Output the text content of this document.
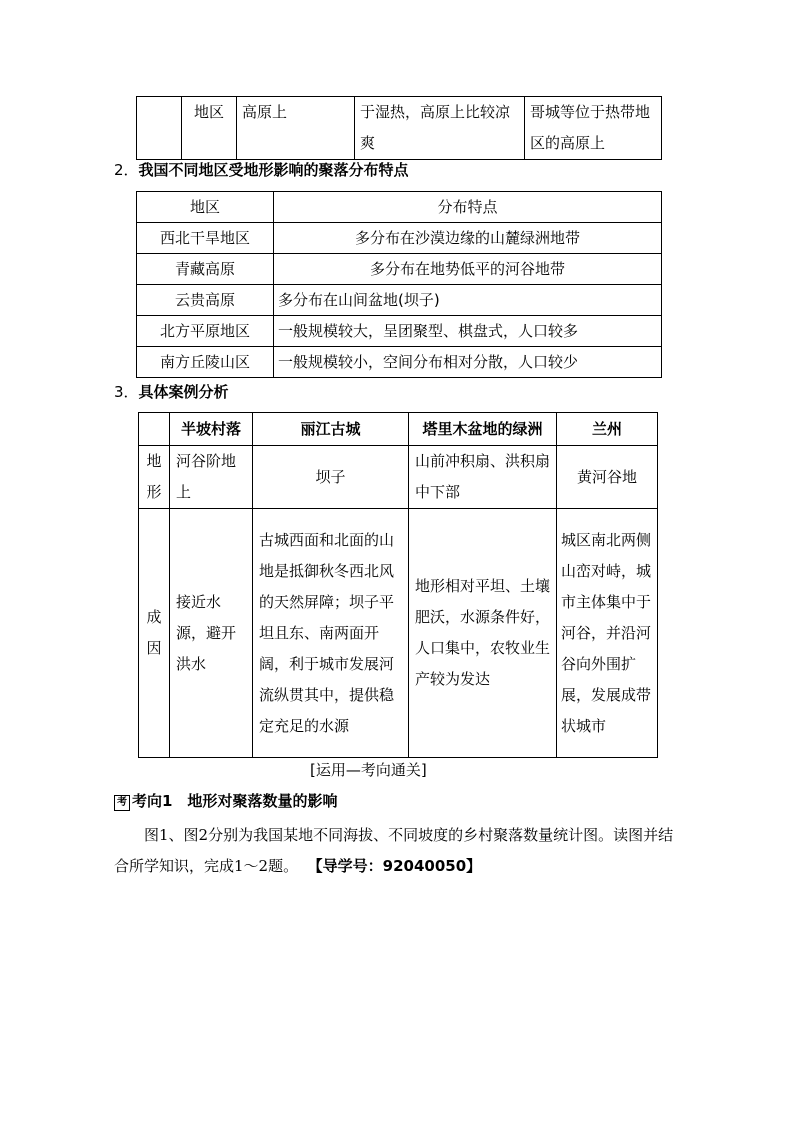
	地区	高原上	于湿热，高原上比较凉爽	哥城等位于热带地区的高原上
2．我国不同地区受地形影响的聚落分布特点
地区	分布特点
西北干旱地区	多分布在沙漠边缘的山麓绿洲地带
青藏高原	多分布在地势低平的河谷地带
云贵高原	多分布在山间盆地(坝子)
北方平原地区	一般规模较大，呈团聚型、棋盘式，人口较多
南方丘陵山区	一般规模较小，空间分布相对分散，人口较少
3．具体案例分析
	半坡村落	丽江古城	塔里木盆地的绿洲	兰州
地形	河谷阶地上	坝子	山前冲积扇、洪积扇中下部	黄河谷地
成因	接近水源，避开洪水	古城西面和北面的山地是抵御秋冬西北风的天然屏障；坝子平坦且东、南两面开阔，利于城市发展河流纵贯其中，提供稳定充足的水源	地形相对平坦、土壤肥沃，水源条件好，人口集中，农牧业生产较为发达	城区南北两侧山峦对峙，城市主体集中于河谷，并沿河谷向外围扩展，发展成带状城市
[运用—考向通关]
考 考向1　地形对聚落数量的影响
图1、图2分别为我国某地不同海拔、不同坡度的乡村聚落数量统计图。读图并结合所学知识，完成1～2题。 【导学号：92040050】
